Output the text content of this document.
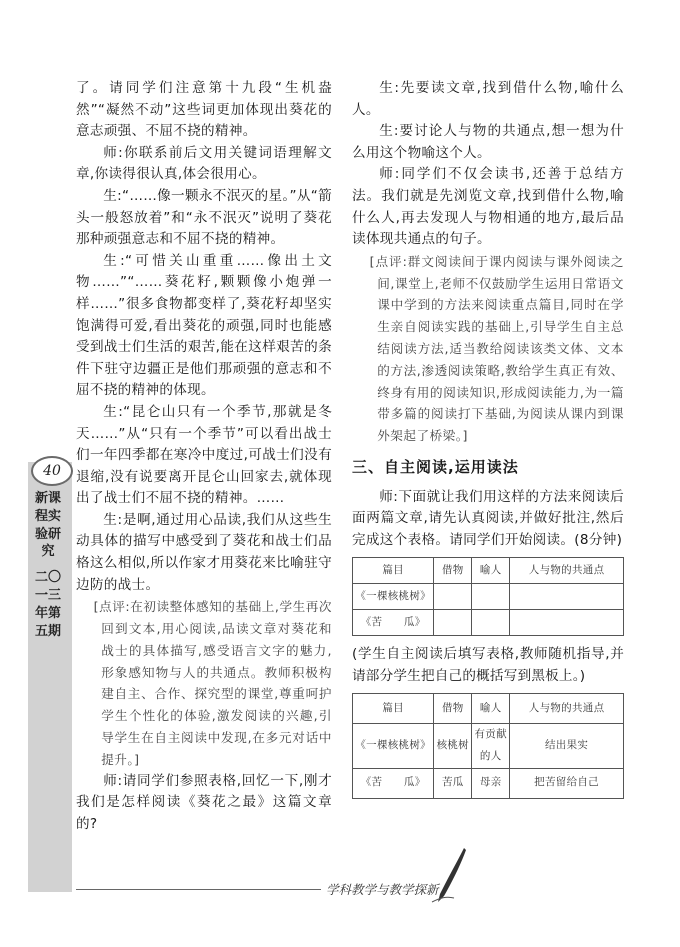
40
新课程实验研究
二〇一三年第五期

了。请同学们注意第十九段“生机盎然”“凝然不动”这些词更加体现出葵花的意志顽强、不屈不挠的精神。

师:你联系前后文用关键词语理解文章,你读得很认真,体会很用心。

生:“……像一颗永不泯灭的星。”从“箭头一般怒放着”和“永不泯灭”说明了葵花那种顽强意志和不屈不挠的精神。

生:“可惜关山重重……像出土文物……”“……葵花籽,颗颗像小炮弹一样……”很多食物都变样了,葵花籽却坚实饱满得可爱,看出葵花的顽强,同时也能感受到战士们生活的艰苦,能在这样艰苦的条件下驻守边疆正是他们那顽强的意志和不屈不挠的精神的体现。

生:“昆仑山只有一个季节,那就是冬天……”从“只有一个季节”可以看出战士们一年四季都在寒冷中度过,可战士们没有退缩,没有说要离开昆仑山回家去,就体现出了战士们不屈不挠的精神。……

生:是啊,通过用心品读,我们从这些生动具体的描写中感受到了葵花和战士们品格这么相似,所以作家才用葵花来比喻驻守边防的战士。

[点评:在初读整体感知的基础上,学生再次回到文本,用心阅读,品读文章对葵花和战士的具体描写,感受语言文字的魅力,形象感知物与人的共通点。教师积极构建自主、合作、探究型的课堂,尊重呵护学生个性化的体验,激发阅读的兴趣,引导学生在自主阅读中发现,在多元对话中提升。]

师:请同学们参照表格,回忆一下,刚才我们是怎样阅读《葵花之最》这篇文章的?

生:先要读文章,找到借什么物,喻什么人。

生:要讨论人与物的共通点,想一想为什么用这个物喻这个人。

师:同学们不仅会读书,还善于总结方法。我们就是先浏览文章,找到借什么物,喻什么人,再去发现人与物相通的地方,最后品读体现共通点的句子。

[点评:群文阅读间于课内阅读与课外阅读之间,课堂上,老师不仅鼓励学生运用日常语文课中学到的方法来阅读重点篇目,同时在学生亲自阅读实践的基础上,引导学生自主总结阅读方法,适当教给阅读该类文体、文本的方法,渗透阅读策略,教给学生真正有效、终身有用的阅读知识,形成阅读能力,为一篇带多篇的阅读打下基础,为阅读从课内到课外架起了桥梁。]

三、自主阅读,运用读法

师:下面就让我们用这样的方法来阅读后面两篇文章,请先认真阅读,并做好批注,然后完成这个表格。请同学们开始阅读。(8分钟)

篇目	借物	喻人	人与物的共通点
《一棵核桃树》			
《苦　　瓜》			

(学生自主阅读后填写表格,教师随机指导,并请部分学生把自己的概括写到黑板上。)

篇目	借物	喻人	人与物的共通点
《一棵核桃树》	核桃树	有贡献的人	结出果实
《苦　　瓜》	苦瓜	母亲	把苦留给自己
学科教学与教学探新
